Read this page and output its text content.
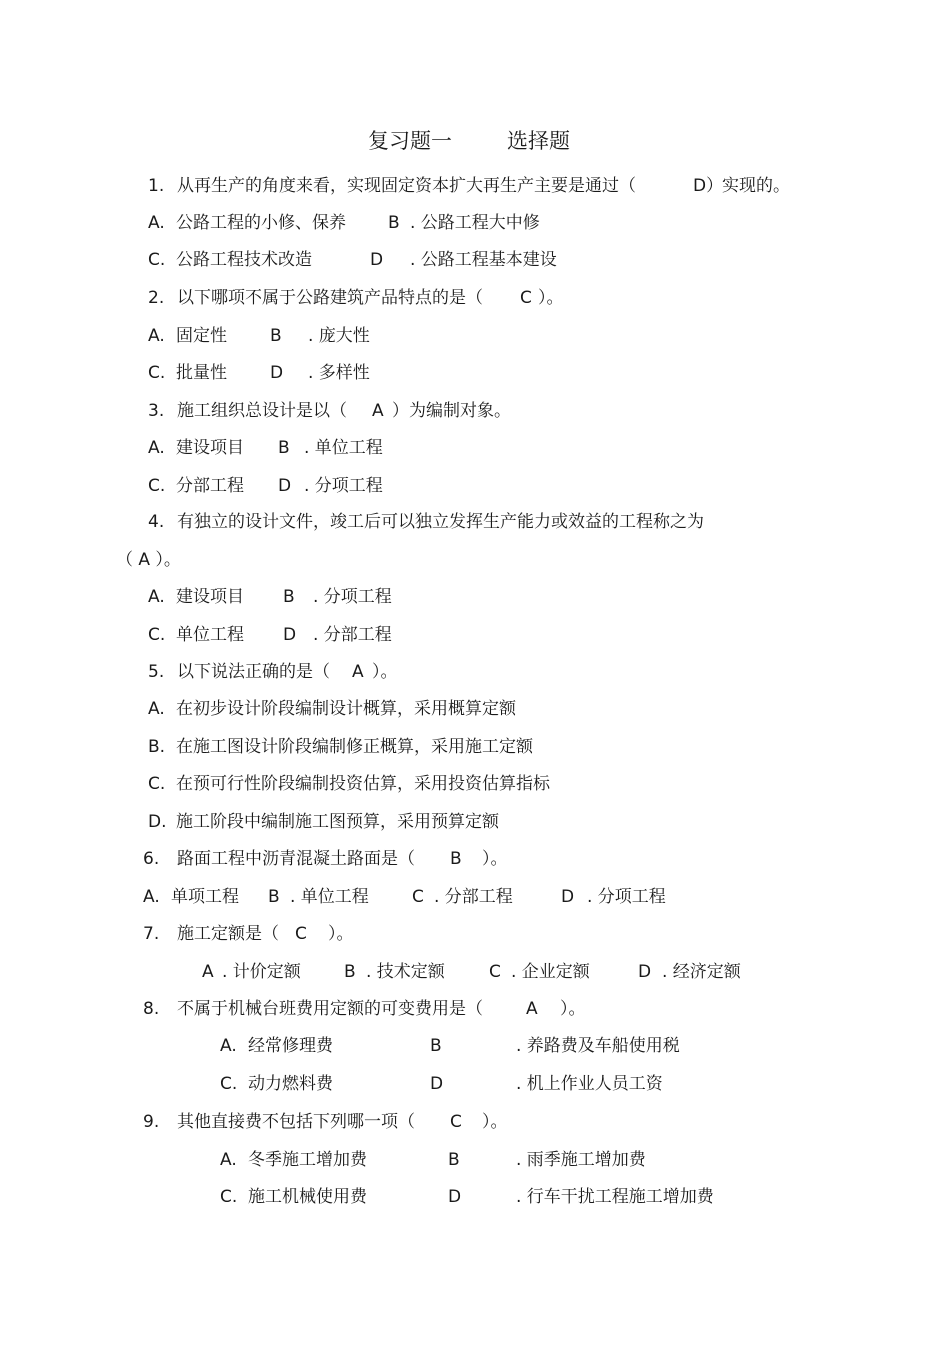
复习题一	选择题
1. 从再生产的角度来看，实现固定资本扩大再生产主要是通过（	D）
实现的。
A. 公路工程的小修、保养 B . 公路工程大中修
C. 公路工程技术改造	D . 公路工程基本建设
2. 以下哪项不属于公路建筑产品特点的是（ C ）。
A. 固定性	B . 庞大性
C. 批量性	D . 多样性
3. 施工组织总设计是以（ A ）为编制对象。
A. 建设项目 B . 单位工程
C. 分部工程 D . 分项工程
4. 有独立的设计文件，竣工后可以独立发挥生产能力或效益的工程称之为
（ A ）。
A. 建设项目 B . 分项工程
C. 单位工程 D . 分部工程
5. 以下说法正确的是（ A ）。
A. 在初步设计阶段编制设计概算，采用概算定额
B. 在施工图设计阶段编制修正概算，采用施工定额
C. 在预可行性阶段编制投资估算，采用投资估算指标
D. 施工阶段中编制施工图预算，采用预算定额
6. 路面工程中沥青混凝土路面是（ B ）。
A. 单项工程 B . 单位工程	C . 分部工程	D . 分项工程
7. 施工定额是（ C ）。
A . 计价定额	B . 技术定额	C . 企业定额	D . 经济定额
8. 不属于机械台班费用定额的可变费用是（	A ）。
A. 经常修理费	B	. 养路费及车船使用税
C. 动力燃料费	D	. 机上作业人员工资
9. 其他直接费不包括下列哪一项（ C ）。
A. 冬季施工增加费	B	. 雨季施工增加费
C. 施工机械使用费	D	. 行车干扰工程施工增加费
